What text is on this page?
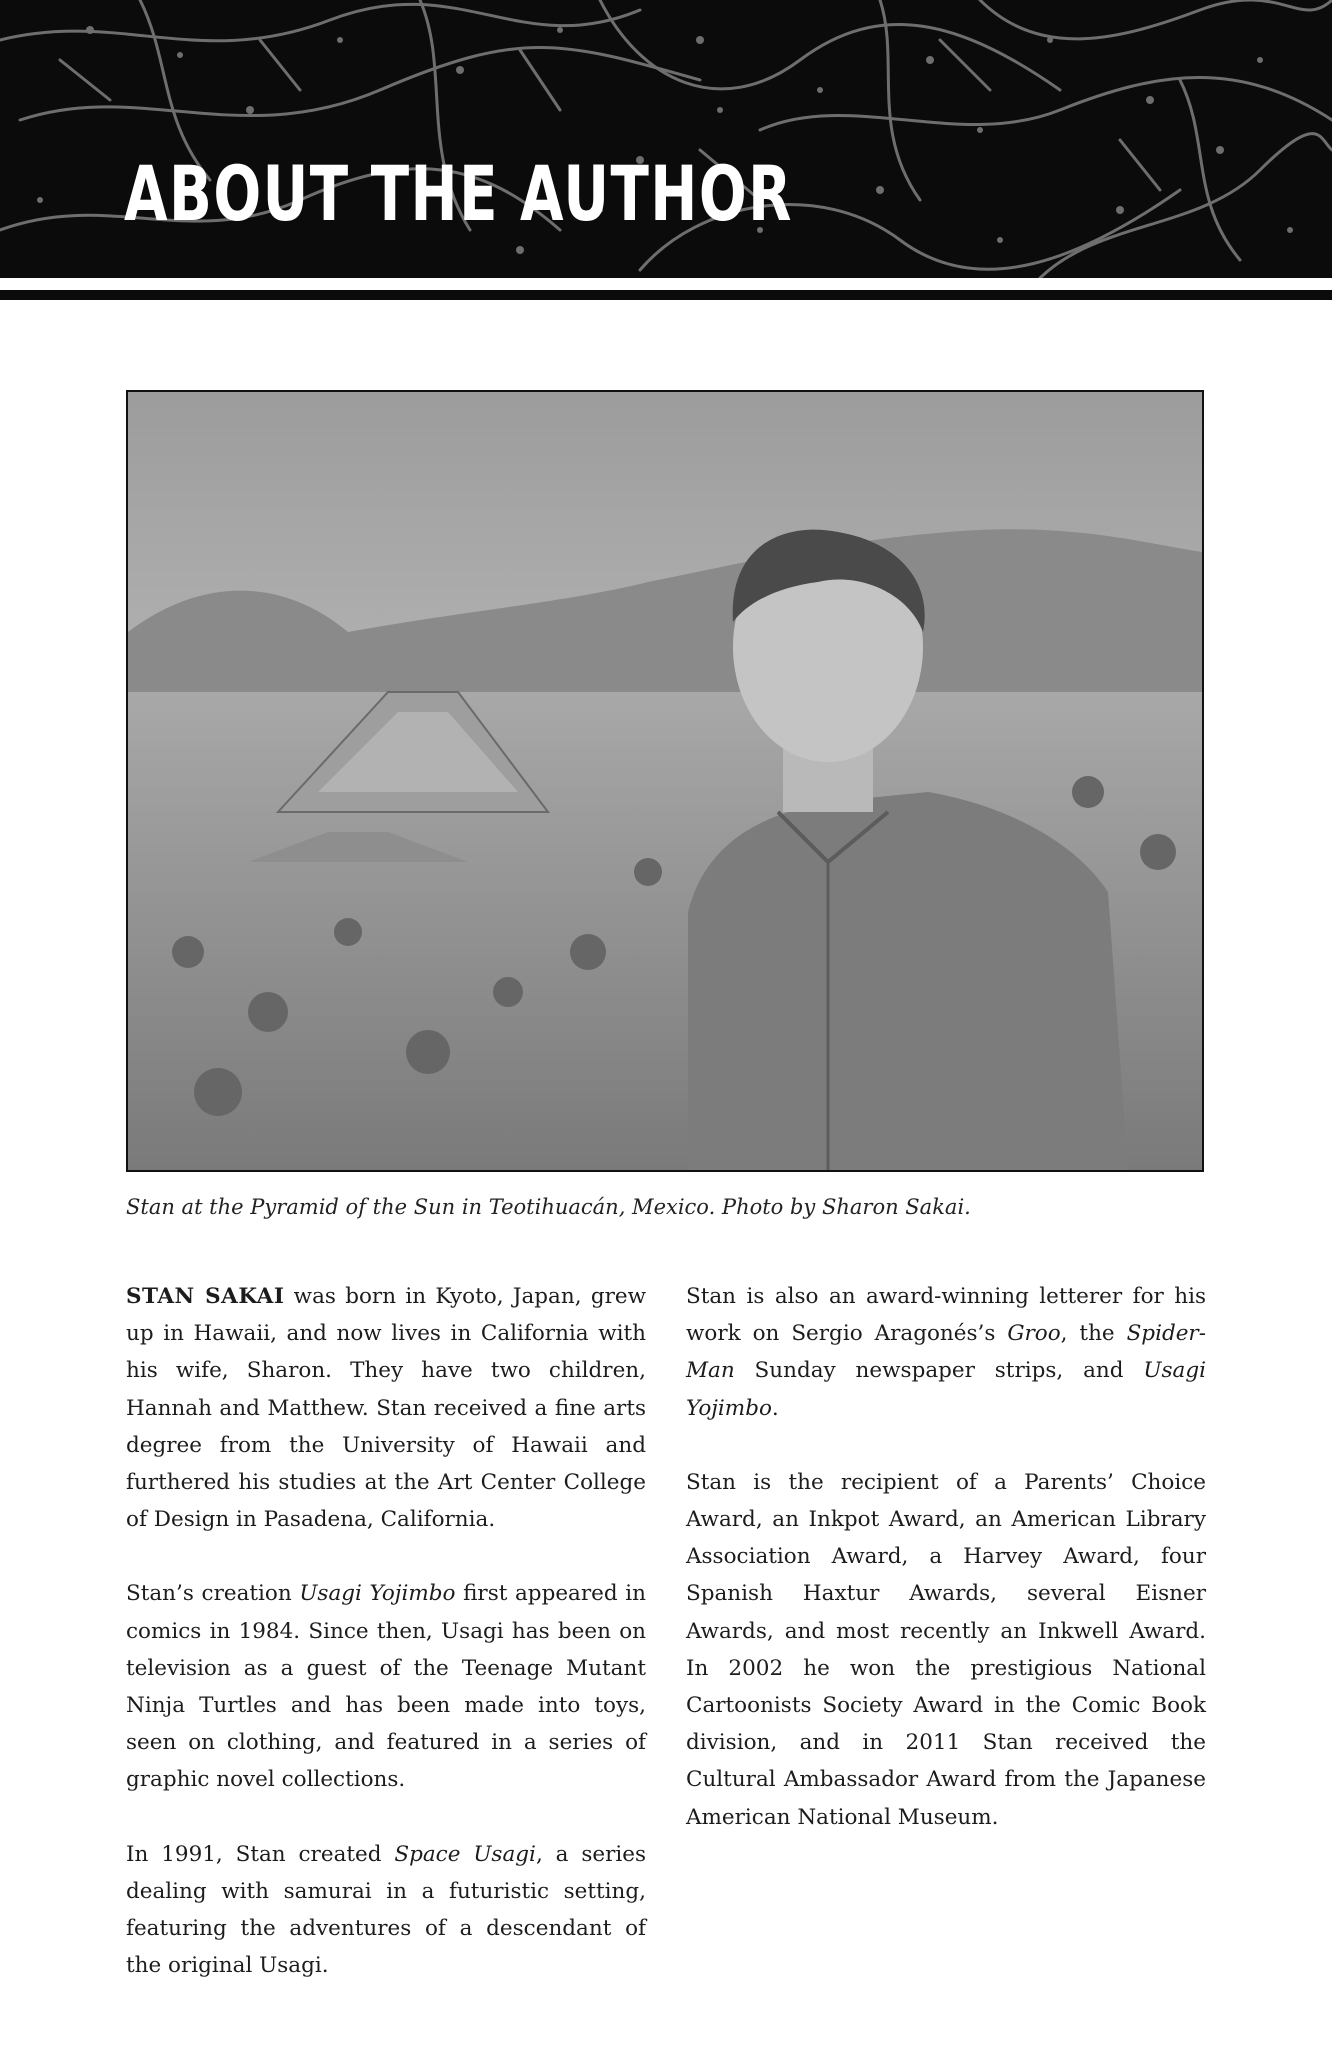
ABOUT THE AUTHOR
Stan at the Pyramid of the Sun in Teotihuacán, Mexico. Photo by Sharon Sakai.

STAN SAKAI was born in Kyoto, Japan, grew up in Hawaii, and now lives in California with his wife, Sharon. They have two children, Hannah and Matthew. Stan received a fine arts degree from the University of Hawaii and furthered his studies at the Art Center College of Design in Pasadena, California.

Stan’s creation Usagi Yojimbo first appeared in comics in 1984. Since then, Usagi has been on television as a guest of the Teenage Mutant Ninja Turtles and has been made into toys, seen on clothing, and featured in a series of graphic novel collections.

In 1991, Stan created Space Usagi, a series dealing with samurai in a futuristic setting, featuring the adventures of a descendant of the original Usagi.

Stan is also an award-winning letterer for his work on Sergio Aragonés’s Groo, the Spider-Man Sunday newspaper strips, and Usagi Yojimbo.

Stan is the recipient of a Parents’ Choice Award, an Inkpot Award, an American Library Association Award, a Harvey Award, four Spanish Haxtur Awards, several Eisner Awards, and most recently an Inkwell Award. In 2002 he won the prestigious National Cartoonists Society Award in the Comic Book division, and in 2011 Stan received the Cultural Ambassador Award from the Japanese American National Museum.
